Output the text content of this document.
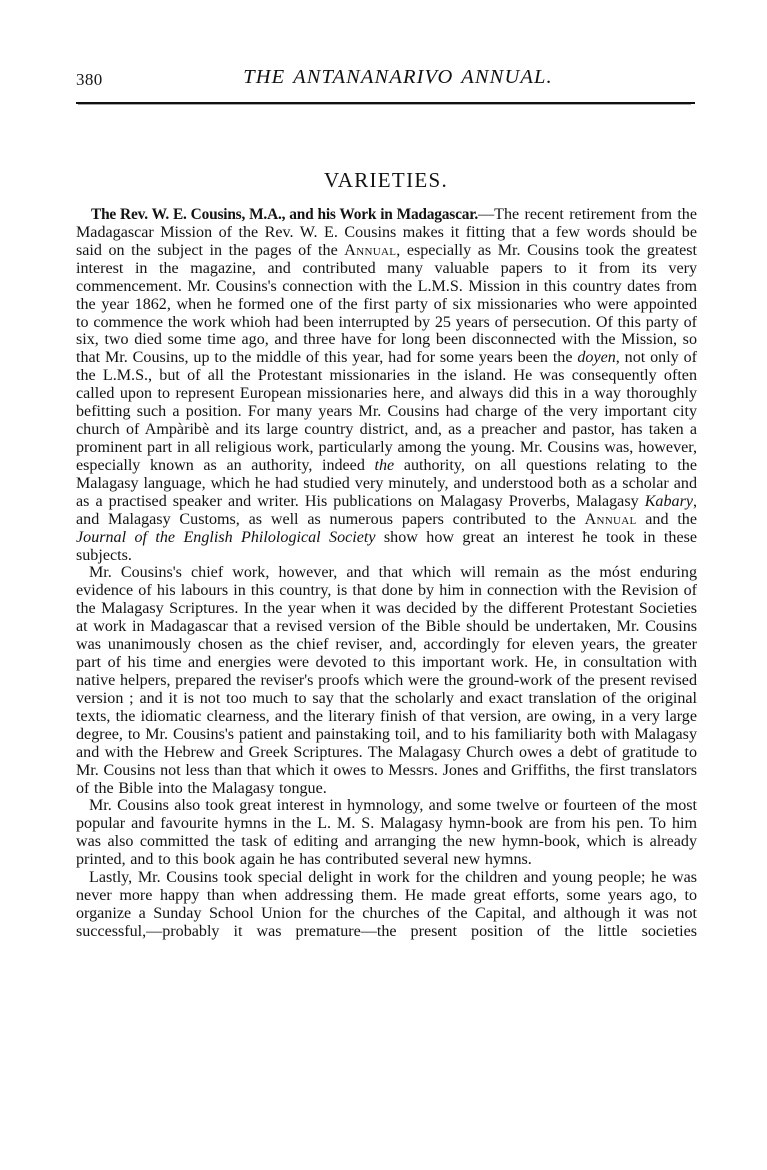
380	THE ANTANANARIVO ANNUAL.
VARIETIES.

The Rev. W. E. Cousins, M.A., and his Work in Madagascar.—The recent retirement from the Madagascar Mission of the Rev. W. E. Cousins makes it fitting that a few words should be said on the subject in the pages of the Annual, especially as Mr. Cousins took the greatest interest in the magazine, and contributed many valuable papers to it from its very commencement. Mr. Cousins's connection with the L.M.S. Mission in this country dates from the year 1862, when he formed one of the first party of six missionaries who were appointed to commence the work whioh had been interrupted by 25 years of persecution. Of this party of six, two died some time ago, and three have for long been disconnected with the Mission, so that Mr. Cousins, up to the middle of this year, had for some years been the doyen, not only of the L.M.S., but of all the Protestant missionaries in the island. He was consequently often called upon to represent European missionaries here, and always did this in a way thoroughly befitting such a position. For many years Mr. Cousins had charge of ŧhe very important city church of Ampàribè and its large country district, and, as a preacher and pastor, has taken a prominent part in all religious work, particularly among the young. Mr. Cousins was, however, especially known as an authority, indeed the authority, on all questions relating to the Malagasy language, which he had studied very minutely, and understood both as a scholar and as a practised speaker and writer. His publications on Malagasy Proverbs, Malagasy Kabary, and Malagasy Customs, as well as numerous papers contributed to the Annual and the Journal of the English Philological Society show how great an interest ħe took in these subjects.

Mr. Cousins's chief work, however, and that which will remain as the móst enduring evidence of his labours in this country, is that done by him in connection with the Revision of the Malagasy Scriptures. In the year when it was decided by the different Protestant Societies at work in Madagascar that a revised version of the Bible should be undertaken, Mr. Cousins was unanimously chosen as the chief reviser, and, accordingly for eleven years, the greater part of his time and energies were devoted to this important work. He, in consultation with native helpers, prepared the reviser's proofs which were the ground-work of the present revised version ; and it is not too much to say that the scholarly and exact translation of the original texts, the idiomatic clearness, and the literary finish of that version, are owing, in a very large degree, to Mr. Cousins's patient and painstaking toil, and to his familiarity both with Malagasy and with the Hebrew and Greek Scriptures. The Malagasy Church owes a debt of gratitude to Mr. Cousins not less than that which it owes to Messrs. Jones and Griffiths, the first translators of the Bible into the Malagasy tongue.

Mr. Cousins also took great interest in hymnology, and some twelve or fourteen of the most popular and favourite hymns in the L. M. S. Malagasy hymn-book are from his pen. To him was also committed the task of editing and arranging the new hymn-book, which is already printed, and to this book again he has contributed several new hymns.

Lastly, Mr. Cousins took special delight in work for the children and young people; he was never more happy than when addressing them. He made great efforts, some years ago, to organize a Sunday School Union for the churches of the Capital, and although it was not successful,—probably it was premature—the present position of the little societies
